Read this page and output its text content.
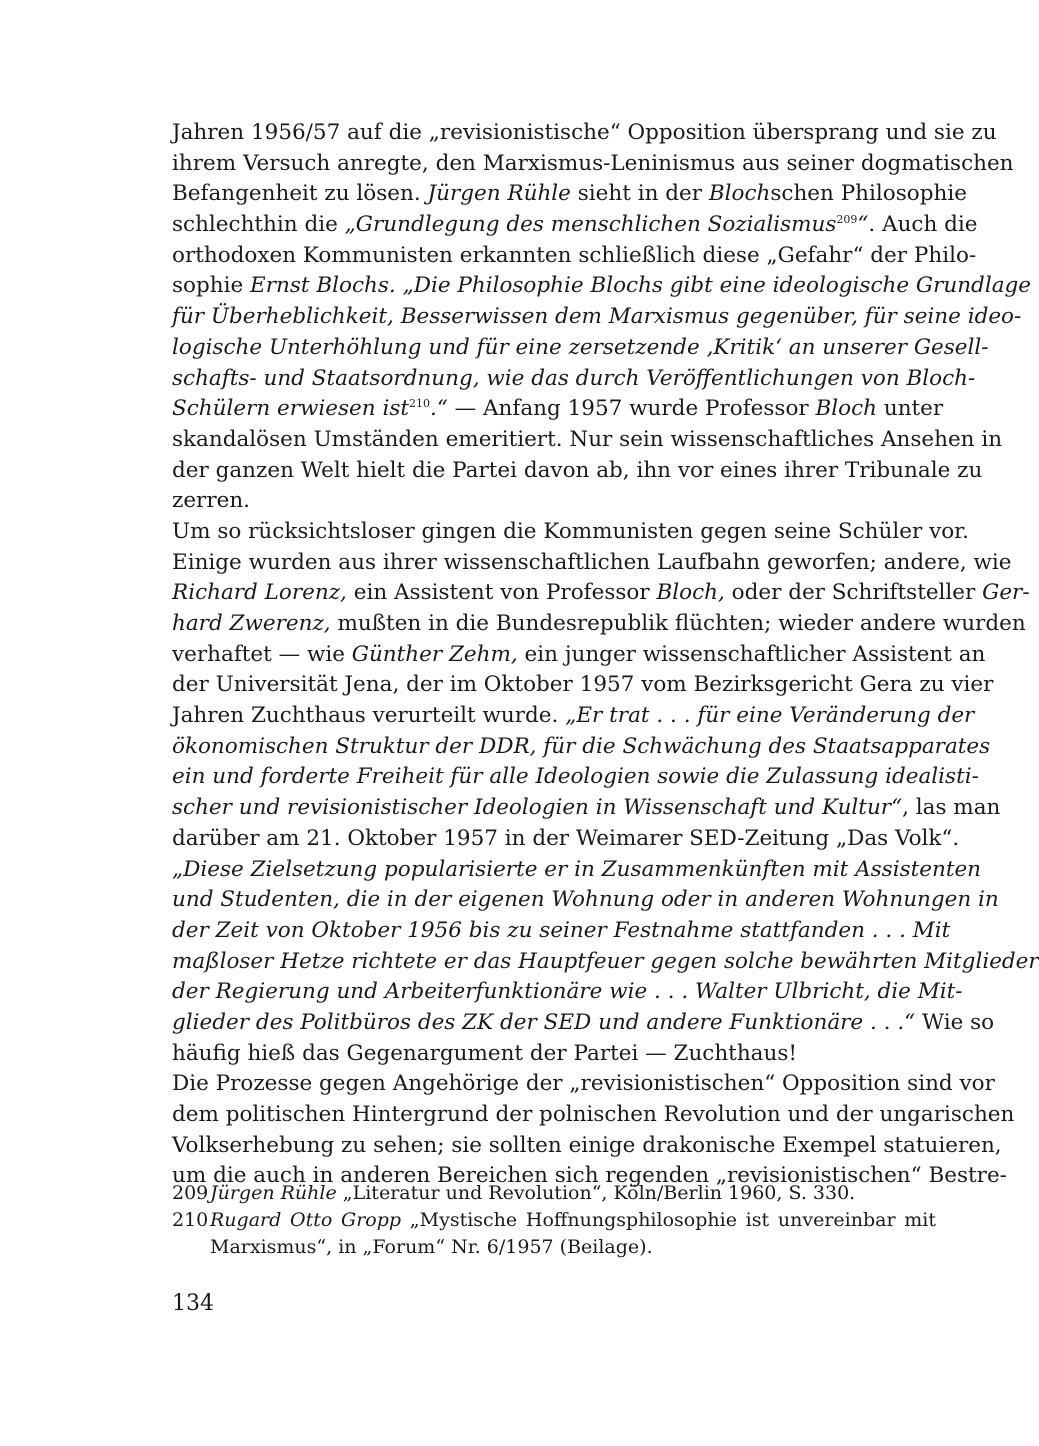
Jahren 1956/57 auf die „revisionistische“ Opposition übersprang und sie zu
ihrem Versuch anregte, den Marxismus-Leninismus aus seiner dogmatischen
Befangenheit zu lösen. Jürgen Rühle sieht in der Blochschen Philosophie
schlechthin die „Grundlegung des menschlichen Sozialismus$^{209}$“. Auch die
orthodoxen Kommunisten erkannten schließlich diese „Gefahr“ der Philo-
sophie Ernst Blochs. „Die Philosophie Blochs gibt eine ideologische Grundlage
für Überheblichkeit, Besserwissen dem Marxismus gegenüber, für seine ideo-
logische Unterhöhlung und für eine zersetzende ‚Kritik‘ an unserer Gesell-
schafts- und Staatsordnung, wie das durch Veröffentlichungen von Bloch-
Schülern erwiesen ist$^{210}$.“ — Anfang 1957 wurde Professor Bloch unter
skandalösen Umständen emeritiert. Nur sein wissenschaftliches Ansehen in
der ganzen Welt hielt die Partei davon ab, ihn vor eines ihrer Tribunale zu
zerren.
Um so rücksichtsloser gingen die Kommunisten gegen seine Schüler vor.
Einige wurden aus ihrer wissenschaftlichen Laufbahn geworfen; andere, wie
Richard Lorenz, ein Assistent von Professor Bloch, oder der Schriftsteller Ger-
hard Zwerenz, mußten in die Bundesrepublik flüchten; wieder andere wurden
verhaftet — wie Günther Zehm, ein junger wissenschaftlicher Assistent an
der Universität Jena, der im Oktober 1957 vom Bezirksgericht Gera zu vier
Jahren Zuchthaus verurteilt wurde. „Er trat . . . für eine Veränderung der
ökonomischen Struktur der DDR, für die Schwächung des Staatsapparates
ein und forderte Freiheit für alle Ideologien sowie die Zulassung idealisti-
scher und revisionistischer Ideologien in Wissenschaft und Kultur“, las man
darüber am 21. Oktober 1957 in der Weimarer SED-Zeitung „Das Volk“.
„Diese Zielsetzung popularisierte er in Zusammenkünften mit Assistenten
und Studenten, die in der eigenen Wohnung oder in anderen Wohnungen in
der Zeit von Oktober 1956 bis zu seiner Festnahme stattfanden . . . Mit
maßloser Hetze richtete er das Hauptfeuer gegen solche bewährten Mitglieder
der Regierung und Arbeiterfunktionäre wie . . . Walter Ulbricht, die Mit-
glieder des Politbüros des ZK der SED und andere Funktionäre . . .“ Wie so
häufig hieß das Gegenargument der Partei — Zuchthaus!
Die Prozesse gegen Angehörige der „revisionistischen“ Opposition sind vor
dem politischen Hintergrund der polnischen Revolution und der ungarischen
Volkserhebung zu sehen; sie sollten einige drakonische Exempel statuieren,
um die auch in anderen Bereichen sich regenden „revisionistischen“ Bestre-
209 Jürgen Rühle „Literatur und Revolution“, Köln/Berlin 1960, S. 330.
210 Rugard Otto Gropp „Mystische Hoffnungsphilosophie ist unvereinbar mit
Marxismus“, in „Forum“ Nr. 6/1957 (Beilage).
134
